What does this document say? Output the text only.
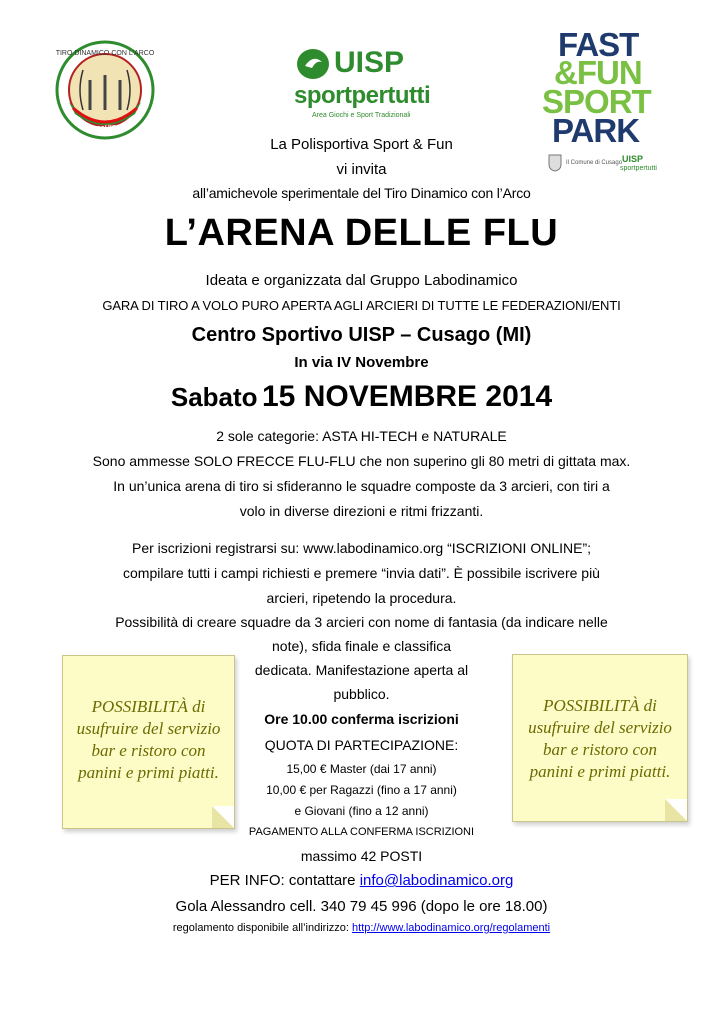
TIRO DINAMICO CON L'ARCO
ArcoUISP
UISP
sportpertutti
Area Giochi e Sport Tradizionali
FAST
&FUN
SPORT
PARK
Il Comune di Cusago UISP
sportpertutti
La Polisportiva Sport & Fun
vi invita
all’amichevole sperimentale del Tiro Dinamico con l’Arco
L’ARENA DELLE FLU
Ideata e organizzata dal Gruppo Labodinamico
GARA DI TIRO A VOLO PURO APERTA AGLI ARCIERI DI TUTTE LE FEDERAZIONI/ENTI
Centro Sportivo UISP – Cusago (MI)
In via IV Novembre
Sabato 15 NOVEMBRE 2014
2 sole categorie: ASTA HI-TECH e NATURALE
Sono ammesse SOLO FRECCE FLU-FLU che non superino gli 80 metri di gittata max.
In un’unica arena di tiro si sfideranno le squadre composte da 3 arcieri, con tiri a
volo in diverse direzioni e ritmi frizzanti.
Per iscrizioni registrarsi su: www.labodinamico.org “ISCRIZIONI ONLINE”;
compilare tutti i campi richiesti e premere “invia dati”. È possibile iscrivere più
arcieri, ripetendo la procedura.
Possibilità di creare squadre da 3 arcieri con nome di fantasia (da indicare nelle
note), sfida finale e classifica
dedicata. Manifestazione aperta al
pubblico.
Ore 10.00 conferma iscrizioni
QUOTA DI PARTECIPAZIONE:
15,00 € Master (dai 17 anni)
10,00 € per Ragazzi (fino a 17 anni)
e Giovani (fino a 12 anni)
PAGAMENTO ALLA CONFERMA ISCRIZIONI
massimo 42 POSTI
PER INFO: contattare info@labodinamico.org
Gola Alessandro cell. 340 79 45 996 (dopo le ore 18.00)
regolamento disponibile all’indirizzo: http://www.labodinamico.org/regolamenti
POSSIBILITÀ di
usufruire del servizio
bar e ristoro con
panini e primi piatti.
POSSIBILITÀ di
usufruire del servizio
bar e ristoro con
panini e primi piatti.
